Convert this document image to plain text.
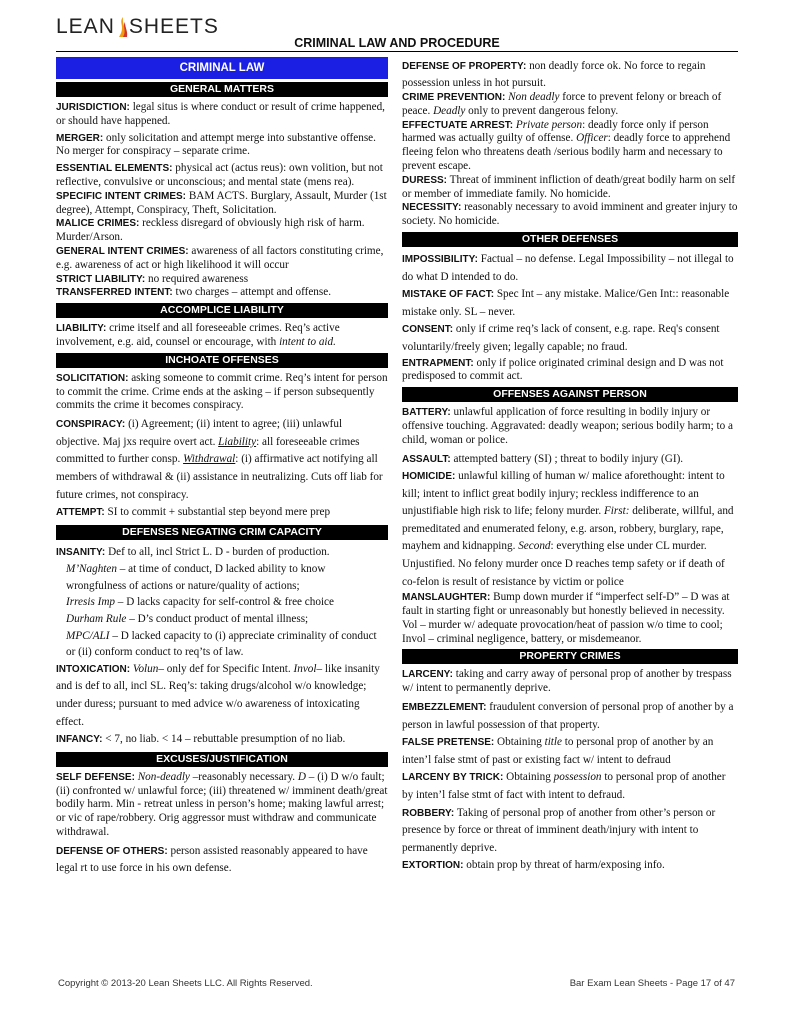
LEAN SHEETS
CRIMINAL LAW AND PROCEDURE
CRIMINAL LAW
GENERAL MATTERS

JURISDICTION: legal situs is where conduct or result of crime happened, or should have happened.

MERGER: only solicitation and attempt merge into substantive offense. No merger for conspiracy – separate crime.

ESSENTIAL ELEMENTS: physical act (actus reus): own volition, but not reflective, convulsive or unconscious; and mental state (mens rea).

SPECIFIC INTENT CRIMES: BAM ACTS. Burglary, Assault, Murder (1st degree), Attempt, Conspiracy, Theft, Solicitation.

MALICE CRIMES: reckless disregard of obviously high risk of harm. Murder/Arson.

GENERAL INTENT CRIMES: awareness of all factors constituting crime, e.g. awareness of act or high likelihood it will occur

STRICT LIABILITY: no required awareness

TRANSFERRED INTENT: two charges – attempt and offense.

ACCOMPLICE LIABILITY

LIABILITY: crime itself and all foreseeable crimes. Req’s active involvement, e.g. aid, counsel or encourage, with intent to aid.

INCHOATE OFFENSES

SOLICITATION: asking someone to commit crime. Req’s intent for person to commit the crime. Crime ends at the asking – if person subsequently commits the crime it becomes conspiracy.

CONSPIRACY: (i) Agreement; (ii) intent to agree; (iii) unlawful objective. Maj jxs require overt act. Liability: all foreseeable crimes committed to further consp. Withdrawal: (i) affirmative act notifying all members of withdrawal & (ii) assistance in neutralizing. Cuts off liab for future crimes, not conspiracy.

ATTEMPT: SI to commit + substantial step beyond mere prep

DEFENSES NEGATING CRIM CAPACITY

INSANITY: Def to all, incl Strict L. D - burden of production.

M’Naghten – at time of conduct, D lacked ability to know wrongfulness of actions or nature/quality of actions;

Irresis Imp – D lacks capacity for self-control & free choice

Durham Rule – D’s conduct product of mental illness;

MPC/ALI – D lacked capacity to (i) appreciate criminality of conduct or (ii) conform conduct to req’ts of law.

INTOXICATION: Volun– only def for Specific Intent. Invol– like insanity and is def to all, incl SL. Req’s: taking drugs/alcohol w/o knowledge; under duress; pursuant to med advice w/o awareness of intoxicating effect.

INFANCY: < 7, no liab. < 14 – rebuttable presumption of no liab.

EXCUSES/JUSTIFICATION

SELF DEFENSE: Non-deadly –reasonably necessary. D – (i) D w/o fault; (ii) confronted w/ unlawful force; (iii) threatened w/ imminent death/great bodily harm. Min - retreat unless in person’s home; making lawful arrest; or vic of rape/robbery. Orig aggressor must withdraw and communicate withdrawal.

DEFENSE OF OTHERS: person assisted reasonably appeared to have legal rt to use force in his own defense.

DEFENSE OF PROPERTY: non deadly force ok. No force to regain possession unless in hot pursuit.

CRIME PREVENTION: Non deadly force to prevent felony or breach of peace. Deadly only to prevent dangerous felony.

EFFECTUATE ARREST: Private person: deadly force only if person harmed was actually guilty of offense. Officer: deadly force to apprehend fleeing felon who threatens death /serious bodily harm and necessary to prevent escape.

DURESS: Threat of imminent infliction of death/great bodily harm on self or member of immediate family. No homicide.

NECESSITY: reasonably necessary to avoid imminent and greater injury to society. No homicide.

OTHER DEFENSES

IMPOSSIBILITY: Factual – no defense. Legal Impossibility – not illegal to do what D intended to do.

MISTAKE OF FACT: Spec Int – any mistake. Malice/Gen Int:: reasonable mistake only. SL – never.

CONSENT: only if crime req’s lack of consent, e.g. rape. Req's consent voluntarily/freely given; legally capable; no fraud.

ENTRAPMENT: only if police originated criminal design and D was not predisposed to commit act.

OFFENSES AGAINST PERSON

BATTERY: unlawful application of force resulting in bodily injury or offensive touching. Aggravated: deadly weapon; serious bodily harm; to a child, woman or police.

ASSAULT: attempted battery (SI) ; threat to bodily injury (GI).

HOMICIDE: unlawful killing of human w/ malice aforethought: intent to kill; intent to inflict great bodily injury; reckless indifference to an unjustifiable high risk to life; felony murder. First: deliberate, willful, and premeditated and enumerated felony, e.g. arson, robbery, burglary, rape, mayhem and kidnapping. Second: everything else under CL murder. Unjustified. No felony murder once D reaches temp safety or if death of co-felon is result of resistance by victim or police

MANSLAUGHTER: Bump down murder if “imperfect self-D” – D was at fault in starting fight or unreasonably but honestly believed in necessity. Vol – murder w/ adequate provocation/heat of passion w/o time to cool; Invol – criminal negligence, battery, or misdemeanor.

PROPERTY CRIMES

LARCENY: taking and carry away of personal prop of another by trespass w/ intent to permanently deprive.

EMBEZZLEMENT: fraudulent conversion of personal prop of another by a person in lawful possession of that property.

FALSE PRETENSE: Obtaining title to personal prop of another by an inten’l false stmt of past or existing fact w/ intent to defraud

LARCENY BY TRICK: Obtaining possession to personal prop of another by inten’l false stmt of fact with intent to defraud.

ROBBERY: Taking of personal prop of another from other’s person or presence by force or threat of imminent death/injury with intent to permanently deprive.

EXTORTION: obtain prop by threat of harm/exposing info.

Copyright © 2013-20 Lean Sheets LLC. All Rights Reserved.	Bar Exam Lean Sheets - Page 17 of 47
